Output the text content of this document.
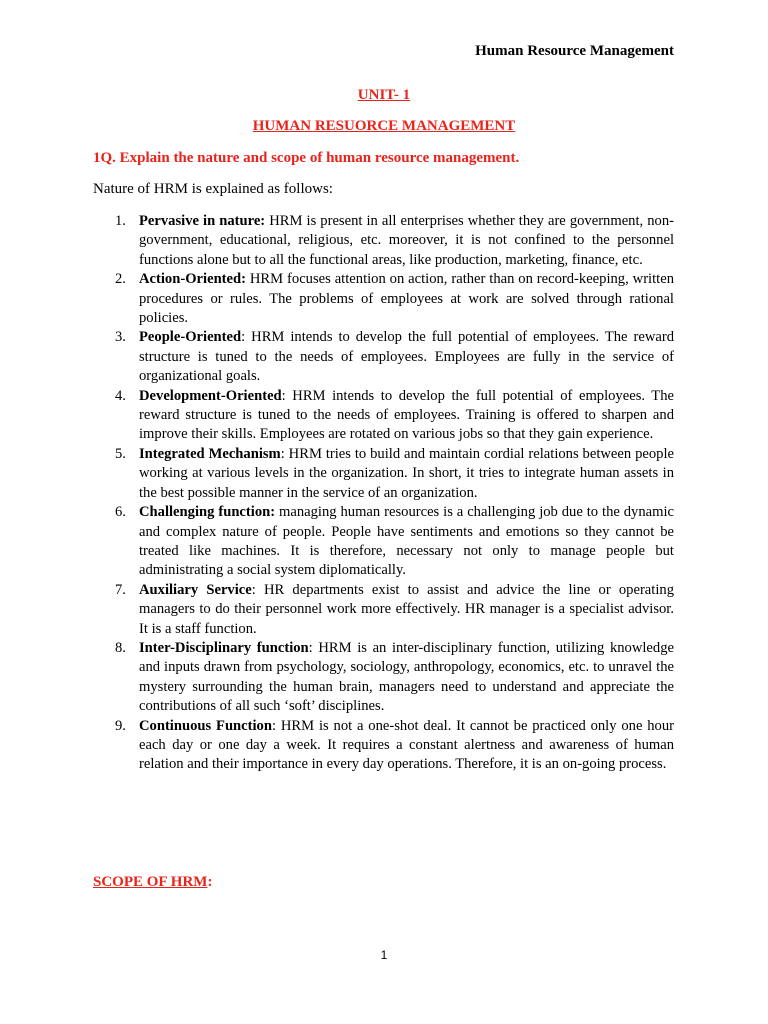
Human Resource Management
UNIT- 1
HUMAN RESUORCE MANAGEMENT
1Q. Explain the nature and scope of human resource management.
Nature of HRM is explained as follows:
1. Pervasive in nature: HRM is present in all enterprises whether they are government, non-government, educational, religious, etc. moreover, it is not confined to the personnel functions alone but to all the functional areas, like production, marketing, finance, etc.
2. Action-Oriented: HRM focuses attention on action, rather than on record-keeping, written procedures or rules. The problems of employees at work are solved through rational policies.
3. People-Oriented: HRM intends to develop the full potential of employees. The reward structure is tuned to the needs of employees. Employees are fully in the service of organizational goals.
4. Development-Oriented: HRM intends to develop the full potential of employees. The reward structure is tuned to the needs of employees. Training is offered to sharpen and improve their skills. Employees are rotated on various jobs so that they gain experience.
5. Integrated Mechanism: HRM tries to build and maintain cordial relations between people working at various levels in the organization. In short, it tries to integrate human assets in the best possible manner in the service of an organization.
6. Challenging function: managing human resources is a challenging job due to the dynamic and complex nature of people. People have sentiments and emotions so they cannot be treated like machines. It is therefore, necessary not only to manage people but administrating a social system diplomatically.
7. Auxiliary Service: HR departments exist to assist and advice the line or operating managers to do their personnel work more effectively. HR manager is a specialist advisor. It is a staff function.
8. Inter-Disciplinary function: HRM is an inter-disciplinary function, utilizing knowledge and inputs drawn from psychology, sociology, anthropology, economics, etc. to unravel the mystery surrounding the human brain, managers need to understand and appreciate the contributions of all such ‘soft’ disciplines.
9. Continuous Function: HRM is not a one-shot deal. It cannot be practiced only one hour each day or one day a week. It requires a constant alertness and awareness of human relation and their importance in every day operations. Therefore, it is an on-going process.
SCOPE OF HRM:
1
